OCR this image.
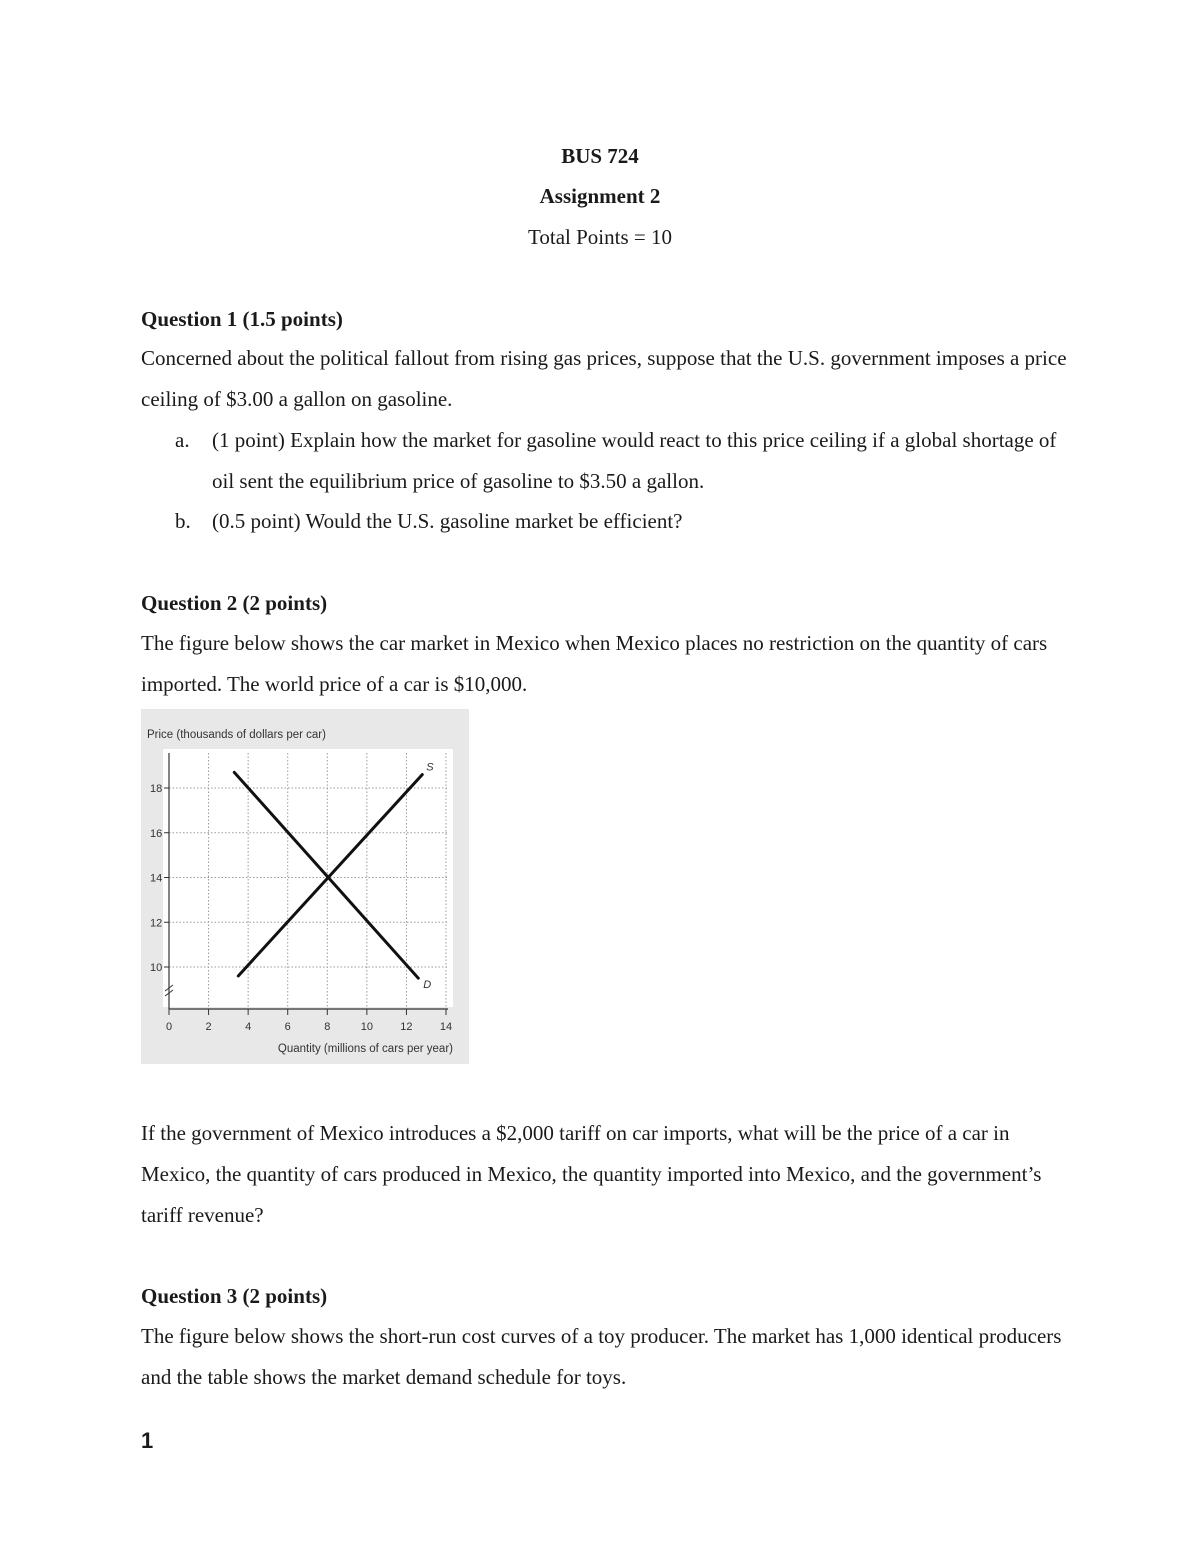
BUS 724
Assignment 2
Total Points = 10
Question 1 (1.5 points)
Concerned about the political fallout from rising gas prices, suppose that the U.S. government imposes a price ceiling of $3.00 a gallon on gasoline.
a. (1 point) Explain how the market for gasoline would react to this price ceiling if a global shortage of oil sent the equilibrium price of gasoline to $3.50 a gallon.
b. (0.5 point) Would the U.S. gasoline market be efficient?
Question 2 (2 points)
The figure below shows the car market in Mexico when Mexico places no restriction on the quantity of cars imported. The world price of a car is $10,000.
0	2	4	6	8	10 12 14
10
12
14
16
18
Price (thousands of dollars per car)
Quantity (millions of cars per year)
S
D
If the government of Mexico introduces a $2,000 tariff on car imports, what will be the price of a car in Mexico, the quantity of cars produced in Mexico, the quantity imported into Mexico, and the government’s tariff revenue?
Question 3 (2 points)
The figure below shows the short-run cost curves of a toy producer. The market has 1,000 identical producers and the table shows the market demand schedule for toys.
1
